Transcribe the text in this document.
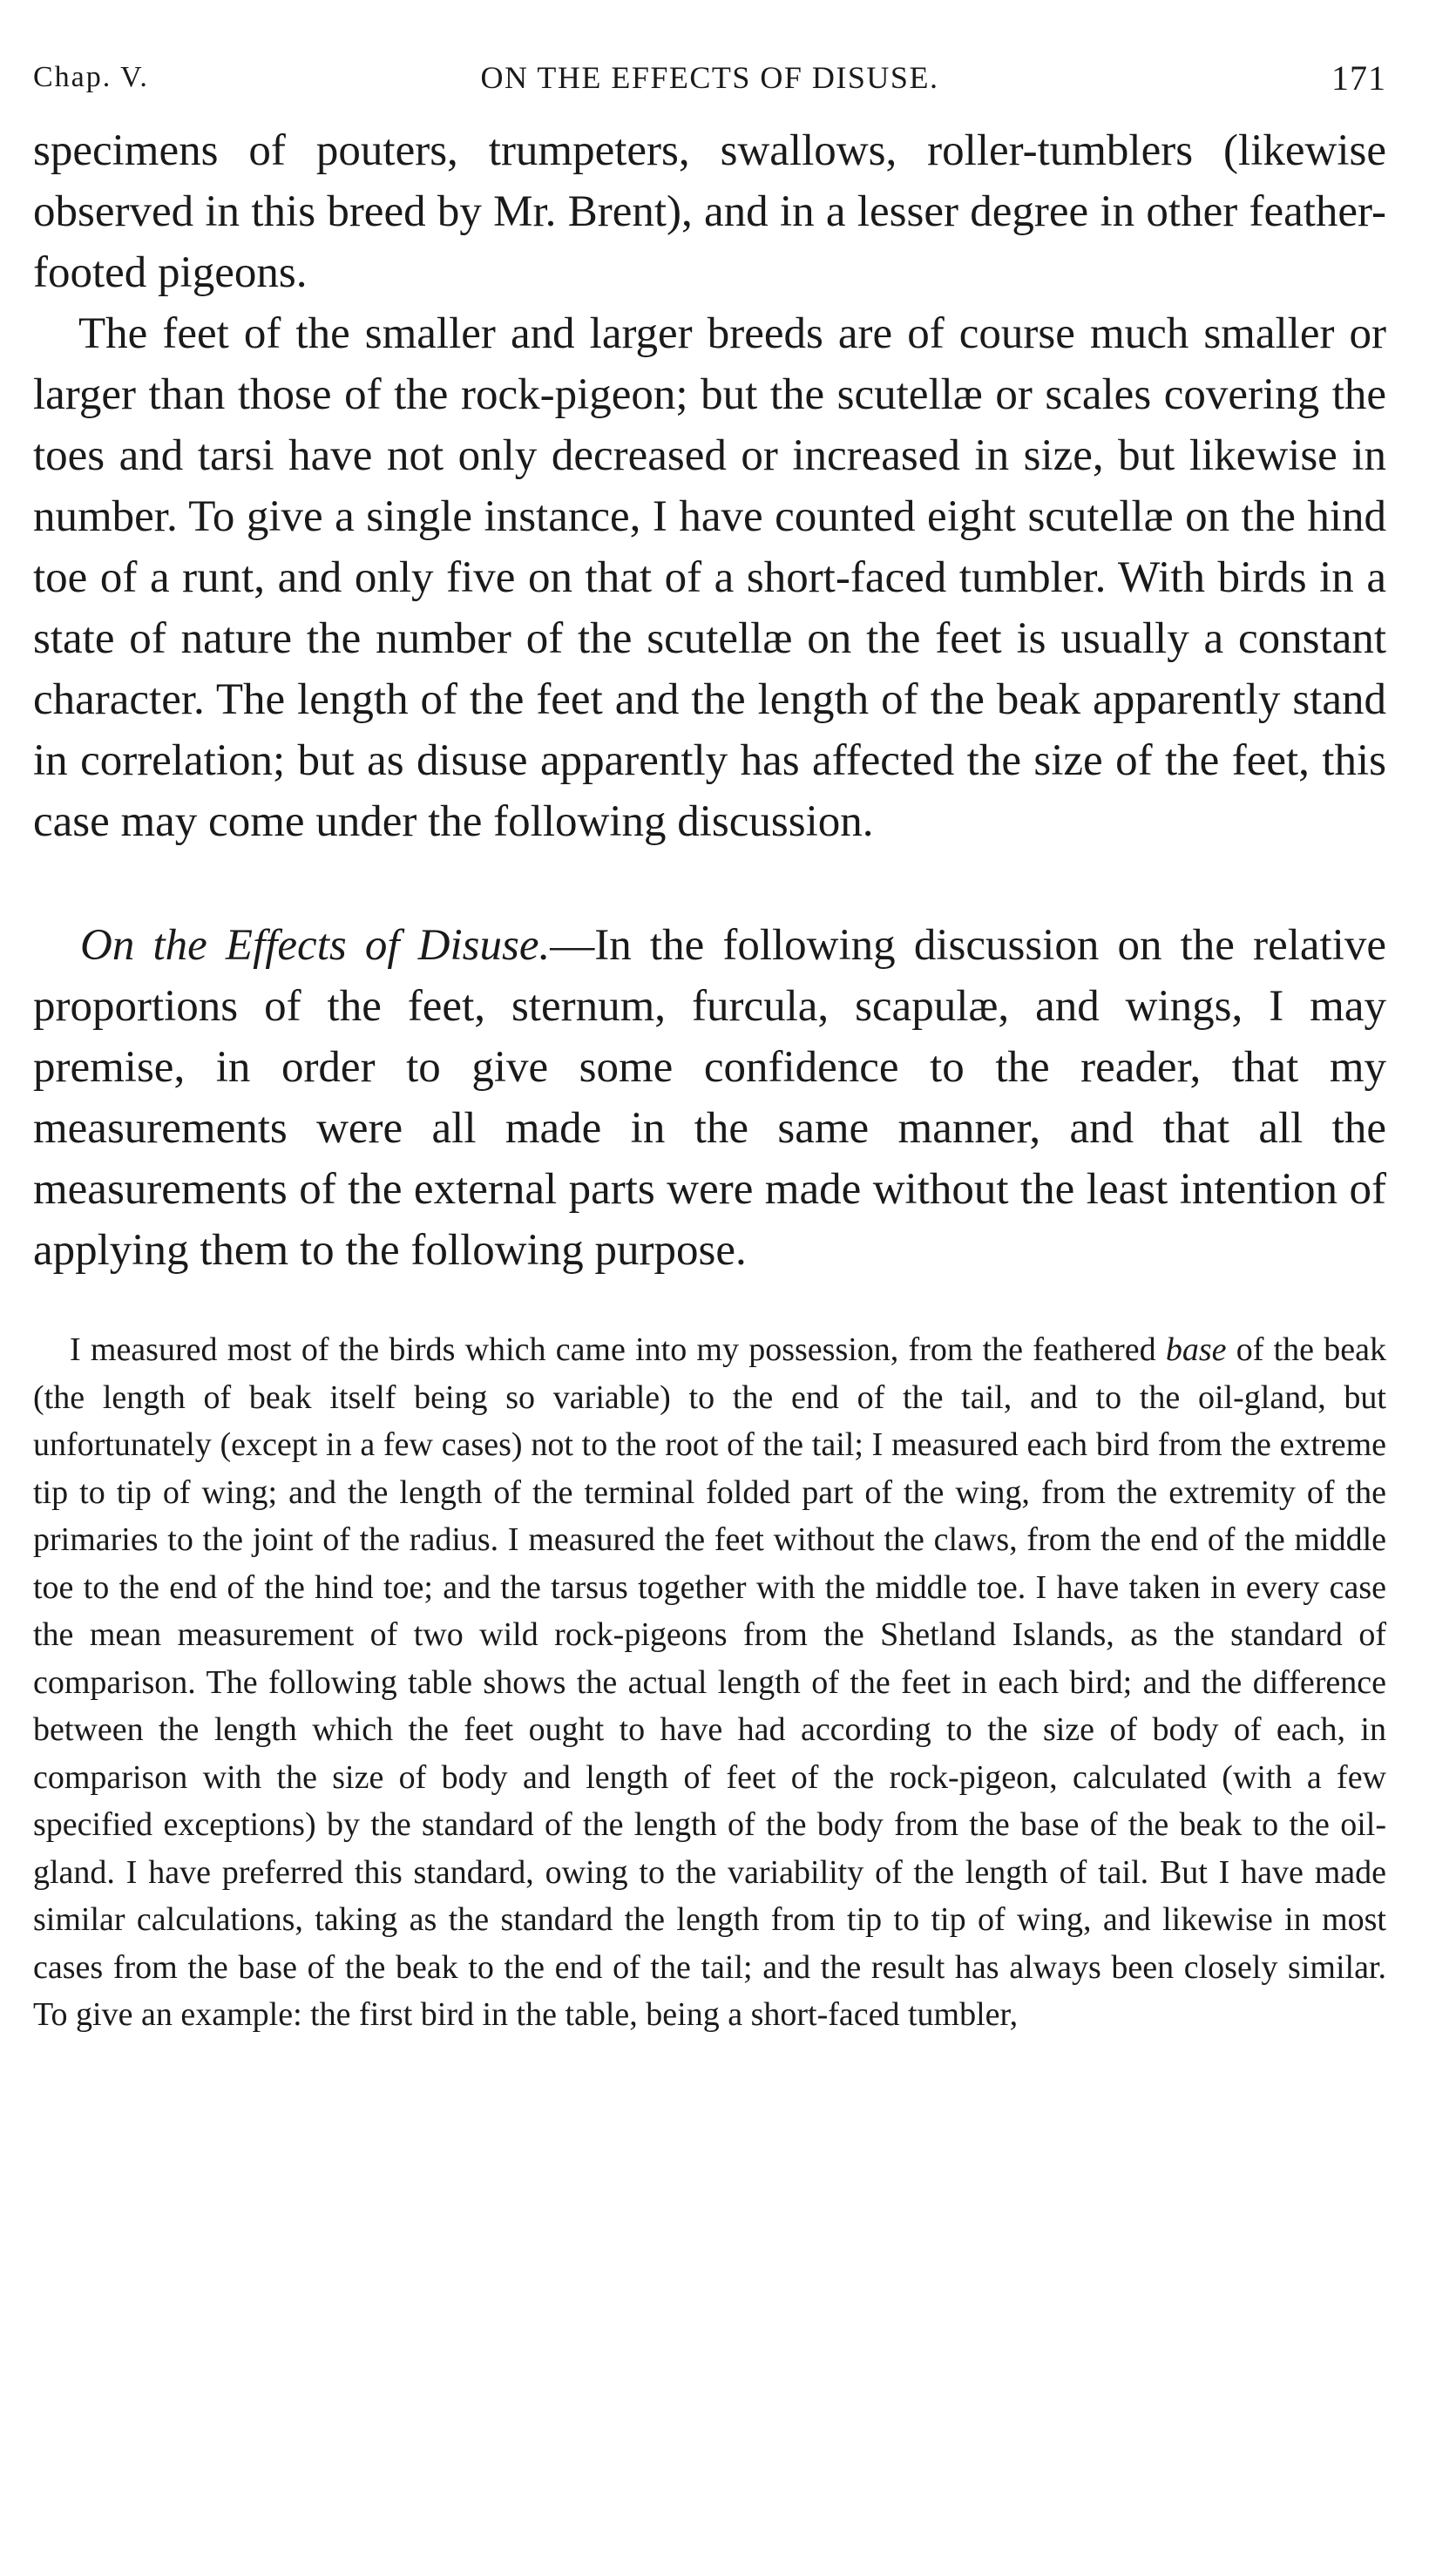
Chap. V.	ON THE EFFECTS OF DISUSE.	171

specimens of pouters, trumpeters, swallows, roller-tumblers (likewise observed in this breed by Mr. Brent), and in a lesser degree in other feather-footed pigeons.

The feet of the smaller and larger breeds are of course much smaller or larger than those of the rock-pigeon; but the scutellæ or scales covering the toes and tarsi have not only decreased or increased in size, but likewise in number. To give a single instance, I have counted eight scutellæ on the hind toe of a runt, and only five on that of a short-faced tumbler. With birds in a state of nature the number of the scutellæ on the feet is usually a constant character. The length of the feet and the length of the beak apparently stand in correlation; but as disuse apparently has affected the size of the feet, this case may come under the following discussion.

On the Effects of Disuse.—In the following discussion on the relative proportions of the feet, sternum, furcula, scapulæ, and wings, I may premise, in order to give some confidence to the reader, that my measurements were all made in the same manner, and that all the measurements of the external parts were made without the least intention of applying them to the following purpose.

I measured most of the birds which came into my possession, from the feathered base of the beak (the length of beak itself being so variable) to the end of the tail, and to the oil-gland, but unfortunately (except in a few cases) not to the root of the tail; I measured each bird from the extreme tip to tip of wing; and the length of the terminal folded part of the wing, from the extremity of the primaries to the joint of the radius. I measured the feet without the claws, from the end of the middle toe to the end of the hind toe; and the tarsus together with the middle toe. I have taken in every case the mean measurement of two wild rock-pigeons from the Shetland Islands, as the standard of comparison. The following table shows the actual length of the feet in each bird; and the difference between the length which the feet ought to have had according to the size of body of each, in comparison with the size of body and length of feet of the rock-pigeon, calculated (with a few specified exceptions) by the standard of the length of the body from the base of the beak to the oil-gland. I have preferred this standard, owing to the variability of the length of tail. But I have made similar calculations, taking as the standard the length from tip to tip of wing, and likewise in most cases from the base of the beak to the end of the tail; and the result has always been closely similar. To give an example: the first bird in the table, being a short-faced tumbler,
